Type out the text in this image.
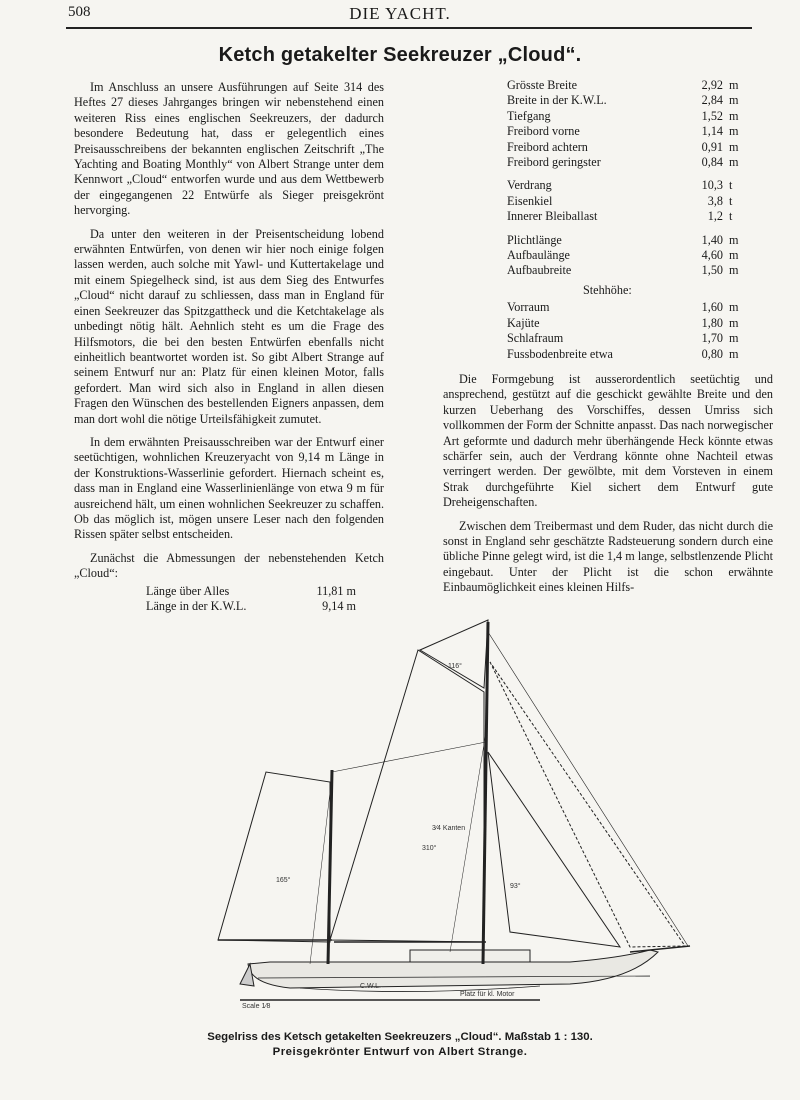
508	DIE YACHT.
Ketch getakelter Seekreuzer „Cloud“.

Im Anschluss an unsere Ausführungen auf Seite 314 des Heftes 27 dieses Jahrganges bringen wir nebenstehend einen weiteren Riss eines englischen Seekreuzers, der dadurch besondere Bedeutung hat, dass er gelegentlich eines Preisausschreibens der bekannten englischen Zeitschrift „The Yachting and Boating Monthly“ von Albert Strange unter dem Kennwort „Cloud“ entworfen wurde und aus dem Wettbewerb der eingegangenen 22 Entwürfe als Sieger preisgekrönt hervorging.

Da unter den weiteren in der Preisentscheidung lobend erwähnten Entwürfen, von denen wir hier noch einige folgen lassen werden, auch solche mit Yawl- und Kuttertakelage und mit einem Spiegelheck sind, ist aus dem Sieg des Entwurfes „Cloud“ nicht darauf zu schliessen, dass man in England für einen Seekreuzer das Spitzgattheck und die Ketchtakelage als unbedingt nötig hält. Aehnlich steht es um die Frage des Hilfsmotors, die bei den besten Entwürfen ebenfalls nicht einheitlich beantwortet worden ist. So gibt Albert Strange auf seinem Entwurf nur an: Platz für einen kleinen Motor, falls gefordert. Man wird sich also in England in allen diesen Fragen den Wünschen des bestellenden Eigners anpassen, dem man dort wohl die nötige Urteilsfähigkeit zumutet.

In dem erwähnten Preisausschreiben war der Entwurf einer seetüchtigen, wohnlichen Kreuzeryacht von 9,14 m Länge in der Konstruktions-Wasserlinie gefordert. Hiernach scheint es, dass man in England eine Wasserlinienlänge von etwa 9 m für ausreichend hält, um einen wohnlichen Seekreuzer zu schaffen. Ob das möglich ist, mögen unsere Leser nach den folgenden Rissen später selbst entscheiden.

Zunächst die Abmessungen der nebenstehenden Ketch „Cloud“:

Länge über Alles	11,81 m
Länge in der K.W.L.	9,14 m
Grösste Breite	2,92	m
Breite in der K.W.L.	2,84	m
Tiefgang	1,52	m
Freibord vorne	1,14	m
Freibord achtern	0,91	m
Freibord geringster	0,84	m

Verdrang	10,3	t
Eisenkiel	3,8	t
Innerer Bleiballast	1,2	t

Plichtlänge	1,40	m
Aufbaulänge	4,60	m
Aufbaubreite	1,50	m
Stehhöhe:
Vorraum	1,60	m
Kajüte	1,80	m
Schlafraum	1,70	m
Fussbodenbreite etwa	0,80	m

Die Formgebung ist ausserordentlich seetüchtig und ansprechend, gestützt auf die geschickt gewählte Breite und den kurzen Ueberhang des Vorschiffes, dessen Umriss sich vollkommen der Form der Schnitte anpasst. Das nach norwegischer Art geformte und dadurch mehr überhängende Heck könnte etwas schärfer sein, auch der Verdrang könnte ohne Nachteil etwas verringert werden. Der gewölbte, mit dem Vorsteven in einem Strak durchgeführte Kiel sichert dem Entwurf gute Dreheigenschaften.

Zwischen dem Treibermast und dem Ruder, das nicht durch die sonst in England sehr geschätzte Radsteuerung sondern durch eine übliche Pinne gelegt wird, ist die 1,4 m lange, selbstlenzende Plicht eingebaut. Unter der Plicht ist die schon erwähnte Einbaumöglichkeit eines kleinen Hilfs-

165°
116°
310°
3⁄4 Kanten
93°
Scale 1⁄8
C.W.L.
Platz für kl. Motor
Segelriss des Ketsch getakelten Seekreuzers „Cloud“. Maßstab 1 : 130.
Preisgekrönter Entwurf von Albert Strange.
